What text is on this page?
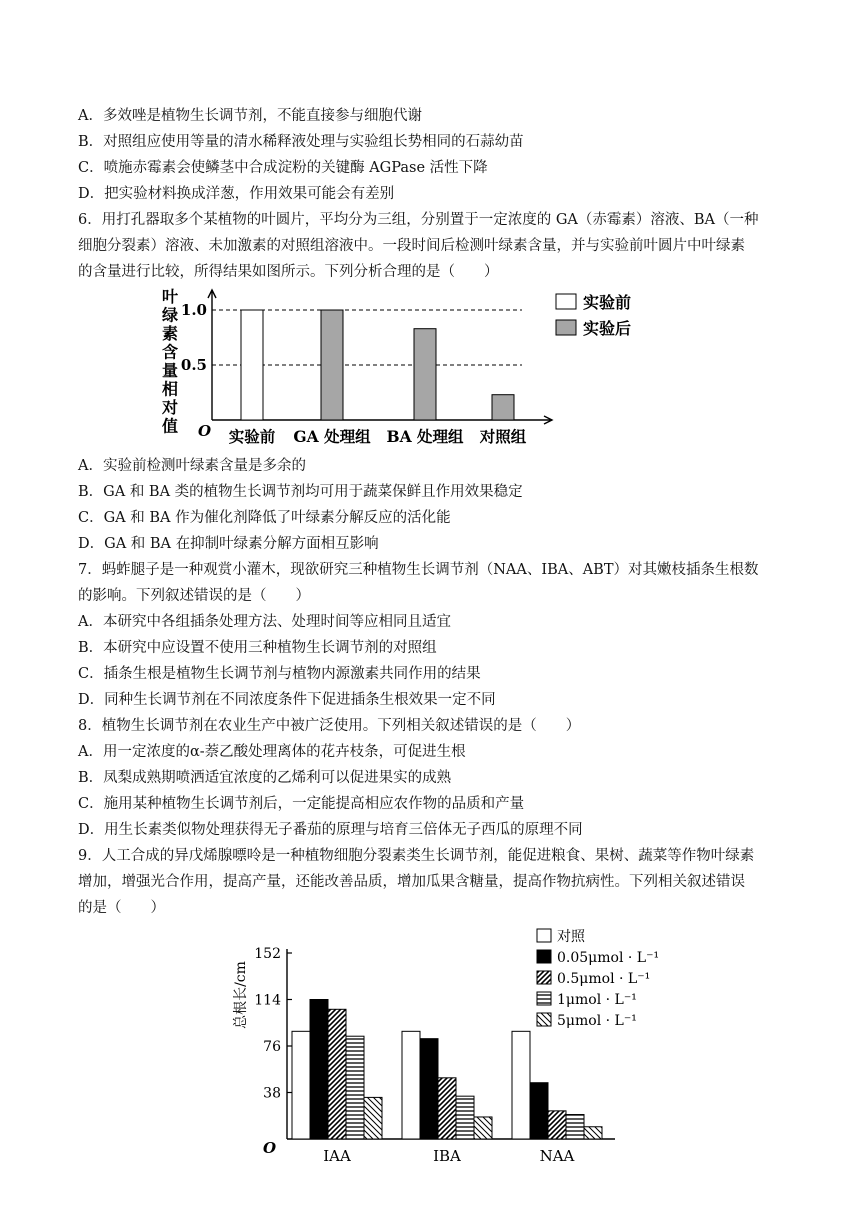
A．多效唑是植物生长调节剂，不能直接参与细胞代谢
B．对照组应使用等量的清水稀释液处理与实验组长势相同的石蒜幼苗
C．喷施赤霉素会使鳞茎中合成淀粉的关键酶 AGPase 活性下降
D．把实验材料换成洋葱，作用效果可能会有差别
6．用打孔器取多个某植物的叶圆片，平均分为三组，分别置于一定浓度的 GA（赤霉素）溶液、BA（一种
细胞分裂素）溶液、未加激素的对照组溶液中。一段时间后检测叶绿素含量，并与实验前叶圆片中叶绿素
的含量进行比较，所得结果如图所示。下列分析合理的是（　　）
O
0.5
1.0
叶
绿
素
含
量
相
对
值
实验前 GA 处理组 BA 处理组 对照组
实验前
实验后
A．实验前检测叶绿素含量是多余的
B．GA 和 BA 类的植物生长调节剂均可用于蔬菜保鲜且作用效果稳定
C．GA 和 BA 作为催化剂降低了叶绿素分解反应的活化能
D．GA 和 BA 在抑制叶绿素分解方面相互影响
7．蚂蚱腿子是一种观赏小灌木，现欲研究三种植物生长调节剂（NAA、IBA、ABT）对其嫩枝插条生根数
的影响。下列叙述错误的是（　　）
A．本研究中各组插条处理方法、处理时间等应相同且适宜
B．本研究中应设置不使用三种植物生长调节剂的对照组
C．插条生根是植物生长调节剂与植物内源激素共同作用的结果
D．同种生长调节剂在不同浓度条件下促进插条生根效果一定不同
8．植物生长调节剂在农业生产中被广泛使用。下列相关叙述错误的是（　　）
A．用一定浓度的α-萘乙酸处理离体的花卉枝条，可促进生根
B．凤梨成熟期喷洒适宜浓度的乙烯利可以促进果实的成熟
C．施用某种植物生长调节剂后，一定能提高相应农作物的品质和产量
D．用生长素类似物处理获得无子番茄的原理与培育三倍体无子西瓜的原理不同
9．人工合成的异戊烯腺嘌呤是一种植物细胞分裂素类生长调节剂，能促进粮食、果树、蔬菜等作物叶绿素
增加，增强光合作用，提高产量，还能改善品质，增加瓜果含糖量，提高作物抗病性。下列相关叙述错误
的是（　　）
O
38
76
114
152
总根长/cm
IAA	IBA	NAA
对照
0.05μmol · L⁻¹
0.5μmol · L⁻¹
1μmol · L⁻¹
5μmol · L⁻¹
